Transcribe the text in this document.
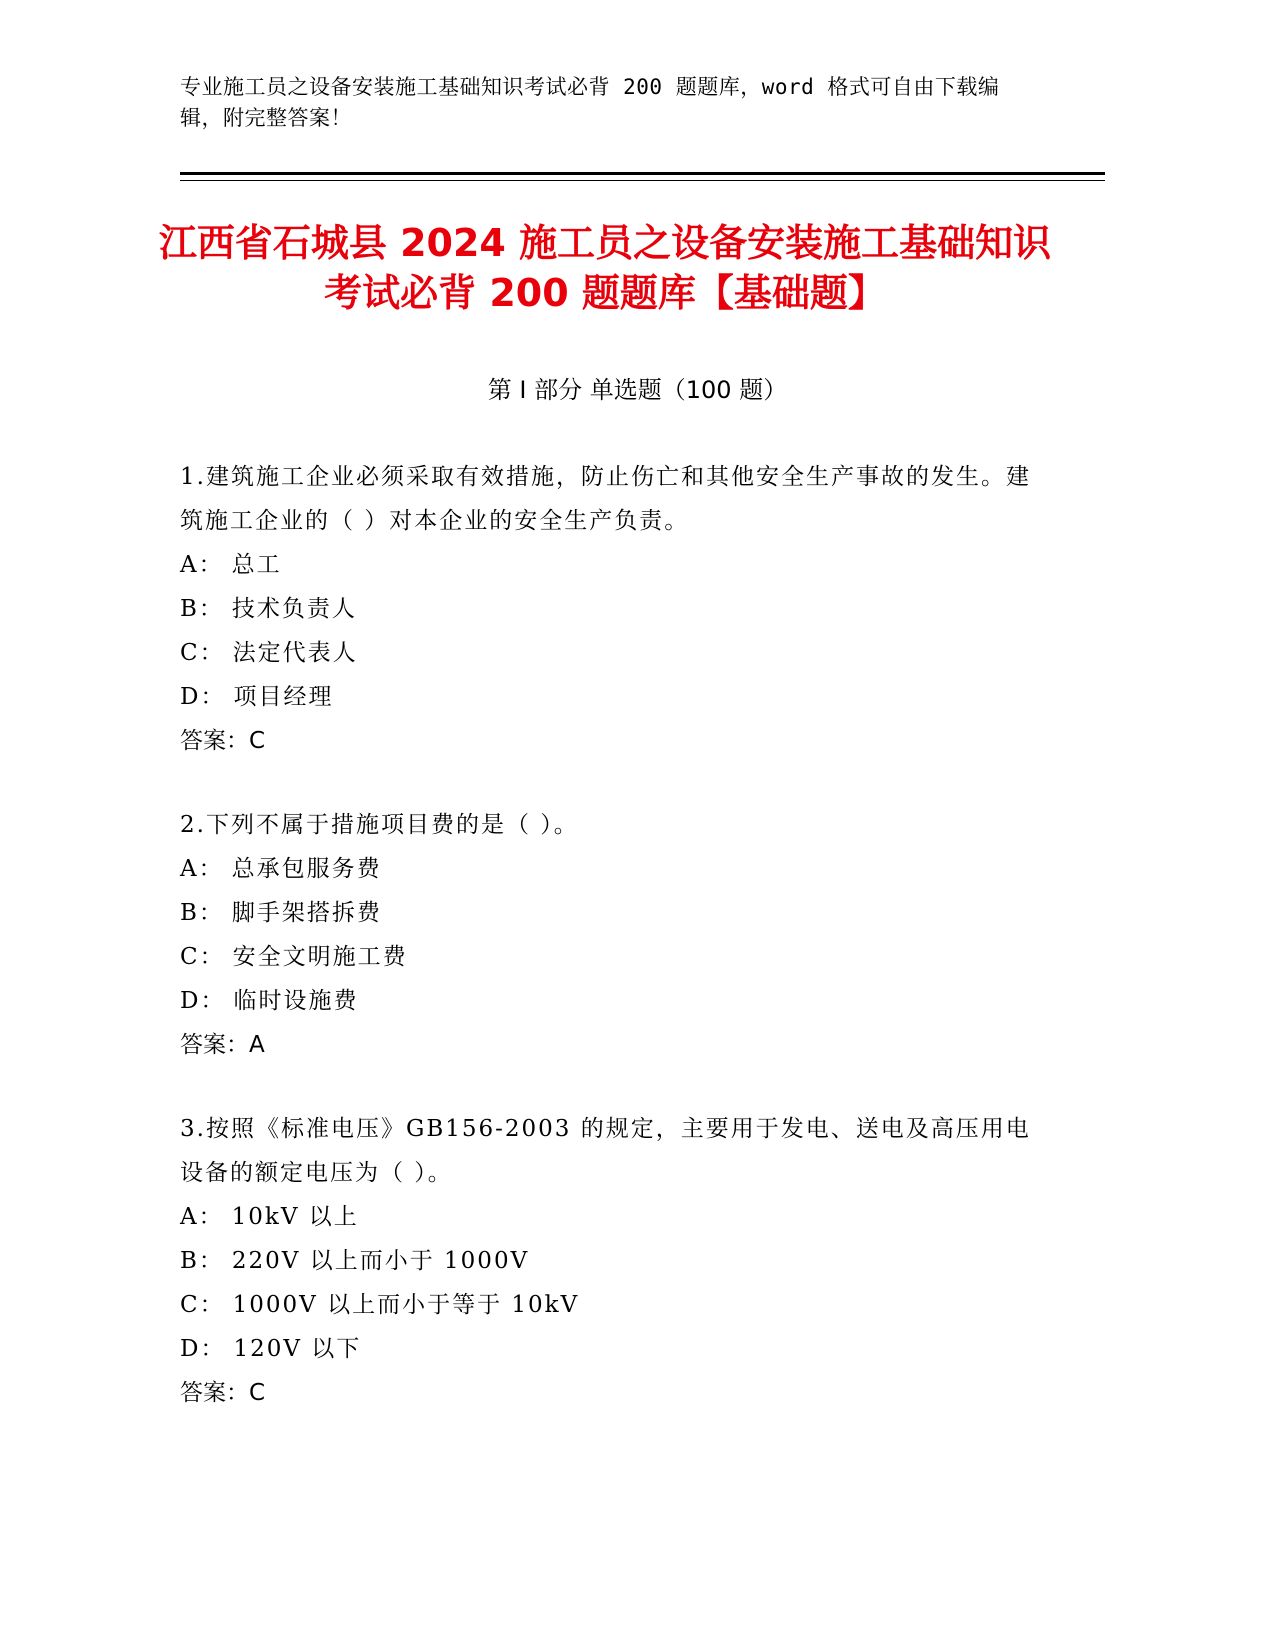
专业施工员之设备安装施工基础知识考试必背 200 题题库，word 格式可自由下载编辑，附完整答案！
江西省石城县 2024 施工员之设备安装施工基础知识考试必背 200 题题库【基础题】
第 I 部分 单选题（100 题）
1.建筑施工企业必须采取有效措施，防止伤亡和其他安全生产事故的发生。建筑施工企业的（ ）对本企业的安全生产负责。
A： 总工
B： 技术负责人
C： 法定代表人
D： 项目经理
答案：C
2.下列不属于措施项目费的是（ ）。
A： 总承包服务费
B： 脚手架搭拆费
C： 安全文明施工费
D： 临时设施费
答案：A
3.按照《标准电压》GB156-2003 的规定，主要用于发电、送电及高压用电设备的额定电压为（ ）。
A： 10kV 以上
B： 220V 以上而小于 1000V
C： 1000V 以上而小于等于 10kV
D： 120V 以下
答案：C
